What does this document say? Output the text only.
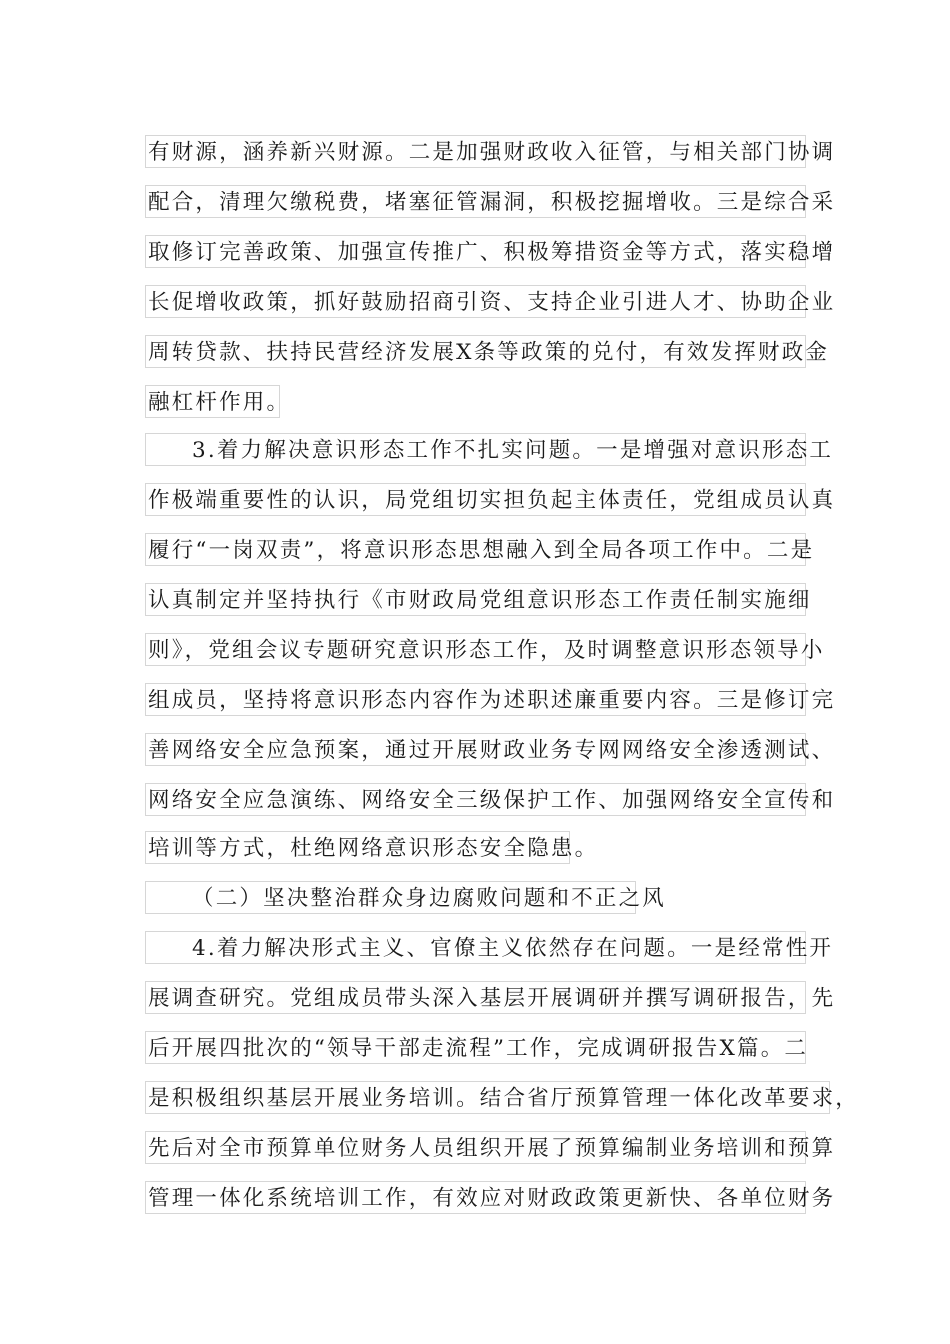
有财源，涵养新兴财源。二是加强财政收入征管，与相关部门协调
配合，清理欠缴税费，堵塞征管漏洞，积极挖掘增收。三是综合采
取修订完善政策、加强宣传推广、积极筹措资金等方式，落实稳增
长促增收政策，抓好鼓励招商引资、支持企业引进人才、协助企业
周转贷款、扶持民营经济发展X条等政策的兑付，有效发挥财政金
融杠杆作用。
3.着力解决意识形态工作不扎实问题。一是增强对意识形态工
作极端重要性的认识，局党组切实担负起主体责任，党组成员认真
履行“一岗双责”，将意识形态思想融入到全局各项工作中。二是
认真制定并坚持执行《市财政局党组意识形态工作责任制实施细
则》，党组会议专题研究意识形态工作，及时调整意识形态领导小
组成员，坚持将意识形态内容作为述职述廉重要内容。三是修订完
善网络安全应急预案，通过开展财政业务专网网络安全渗透测试、
网络安全应急演练、网络安全三级保护工作、加强网络安全宣传和
培训等方式，杜绝网络意识形态安全隐患。
（二）坚决整治群众身边腐败问题和不正之风
4.着力解决形式主义、官僚主义依然存在问题。一是经常性开
展调查研究。党组成员带头深入基层开展调研并撰写调研报告，先
后开展四批次的“领导干部走流程”工作，完成调研报告X篇。二
是积极组织基层开展业务培训。结合省厅预算管理一体化改革要求，
先后对全市预算单位财务人员组织开展了预算编制业务培训和预算
管理一体化系统培训工作，有效应对财政政策更新快、各单位财务
